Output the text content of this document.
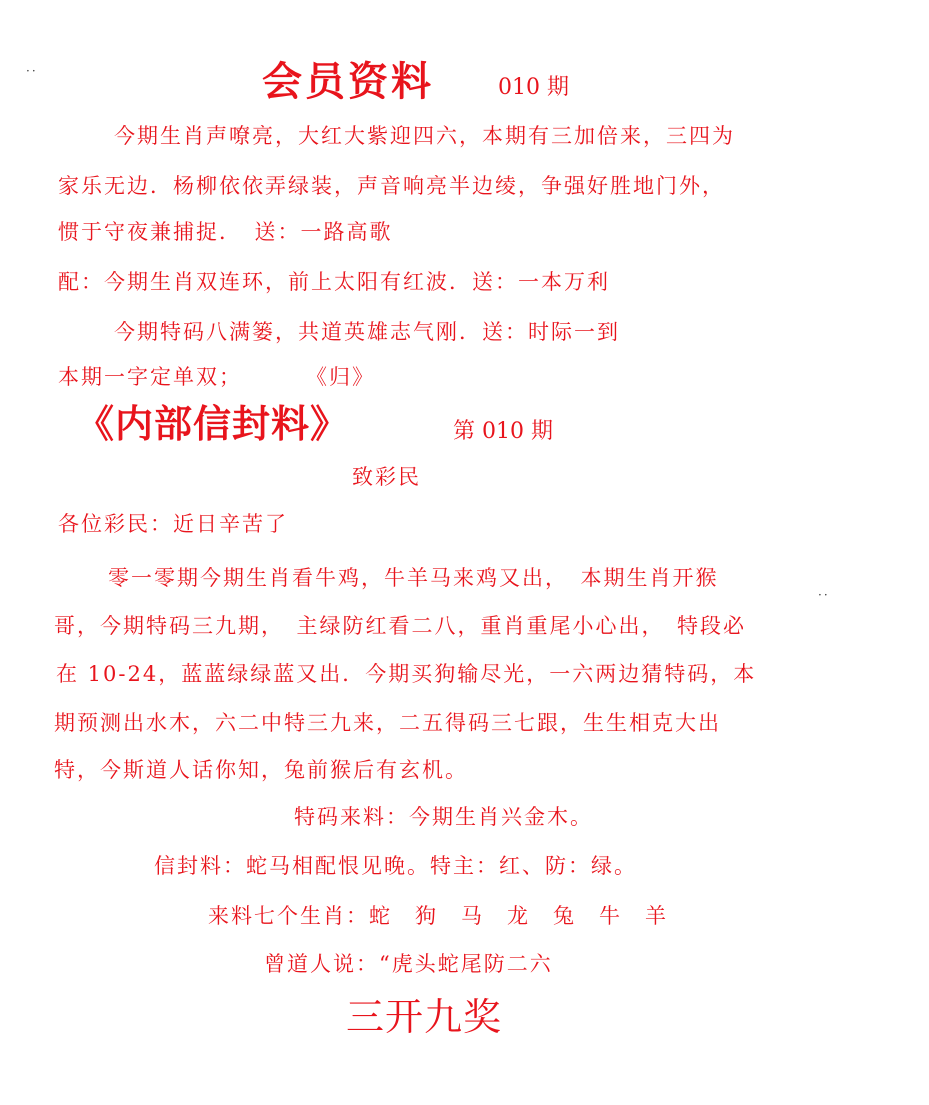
··
··
会员资料	010 期
今期生肖声嘹亮，大红大紫迎四六，本期有三加倍来，三四为
家乐无边．杨柳依依弄绿装，声音响亮半边绫，争强好胜地门外，
惯于守夜兼捕捉．　送：一路高歌
配：今期生肖双连环，前上太阳有红波．送：一本万利
今期特码八满篓，共道英雄志气刚．送：时际一到
本期一字定单双；	《归》
《内部信封料》	第 010 期
致彩民
各位彩民：近日辛苦了
零一零期今期生肖看牛鸡，牛羊马来鸡又出，　本期生肖开猴
哥，今期特码三九期，　主绿防红看二八，重肖重尾小心出，　特段必
在 10-24，蓝蓝绿绿蓝又出．今期买狗输尽光，一六两边猜特码，本
期预测出水木，六二中特三九来，二五得码三七跟，生生相克大出
特，今斯道人话你知，兔前猴后有玄机。
特码来料：今期生肖兴金木。
信封料：蛇马相配恨见晚。特主：红、防：绿。
来料七个生肖：蛇　狗　马　龙　兔　牛　羊
曾道人说：“虎头蛇尾防二六
三开九奖
